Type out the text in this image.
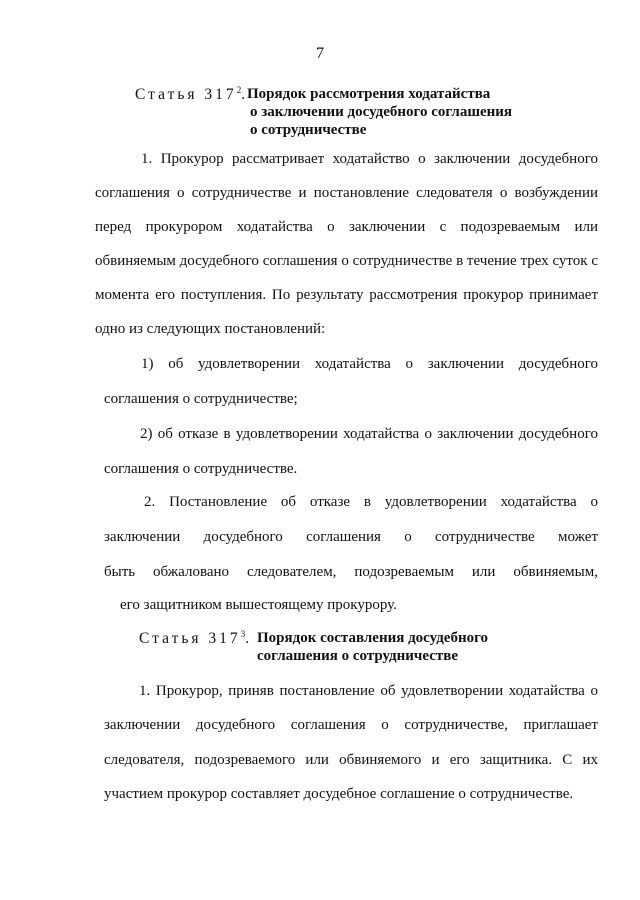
7
Статья $317^2$.
Порядок рассмотрения ходатайства
о заключении досудебного соглашения
о сотрудничестве
1. Прокурор рассматривает ходатайство о заключении досудебного
соглашения о сотрудничестве и постановление следователя о возбуждении
перед прокурором ходатайства о заключении с подозреваемым или
обвиняемым досудебного соглашения о сотрудничестве в течение трех суток с
момента его поступления. По результату рассмотрения прокурор принимает
одно из следующих постановлений:
1) об удовлетворении ходатайства о заключении досудебного
соглашения о сотрудничестве;
2) об отказе в удовлетворении ходатайства о заключении досудебного
соглашения о сотрудничестве.
2. Постановление об отказе в удовлетворении ходатайства о
заключении досудебного соглашения о сотрудничестве может
быть обжаловано следователем, подозреваемым или обвиняемым,
его защитником вышестоящему прокурору.
Статья $317^3$. Порядок составления досудебного
соглашения о сотрудничестве
1. Прокурор, приняв постановление об удовлетворении ходатайства о
заключении досудебного соглашения о сотрудничестве, приглашает
следователя, подозреваемого или обвиняемого и его защитника. С их
участием прокурор составляет досудебное соглашение о сотрудничестве.
